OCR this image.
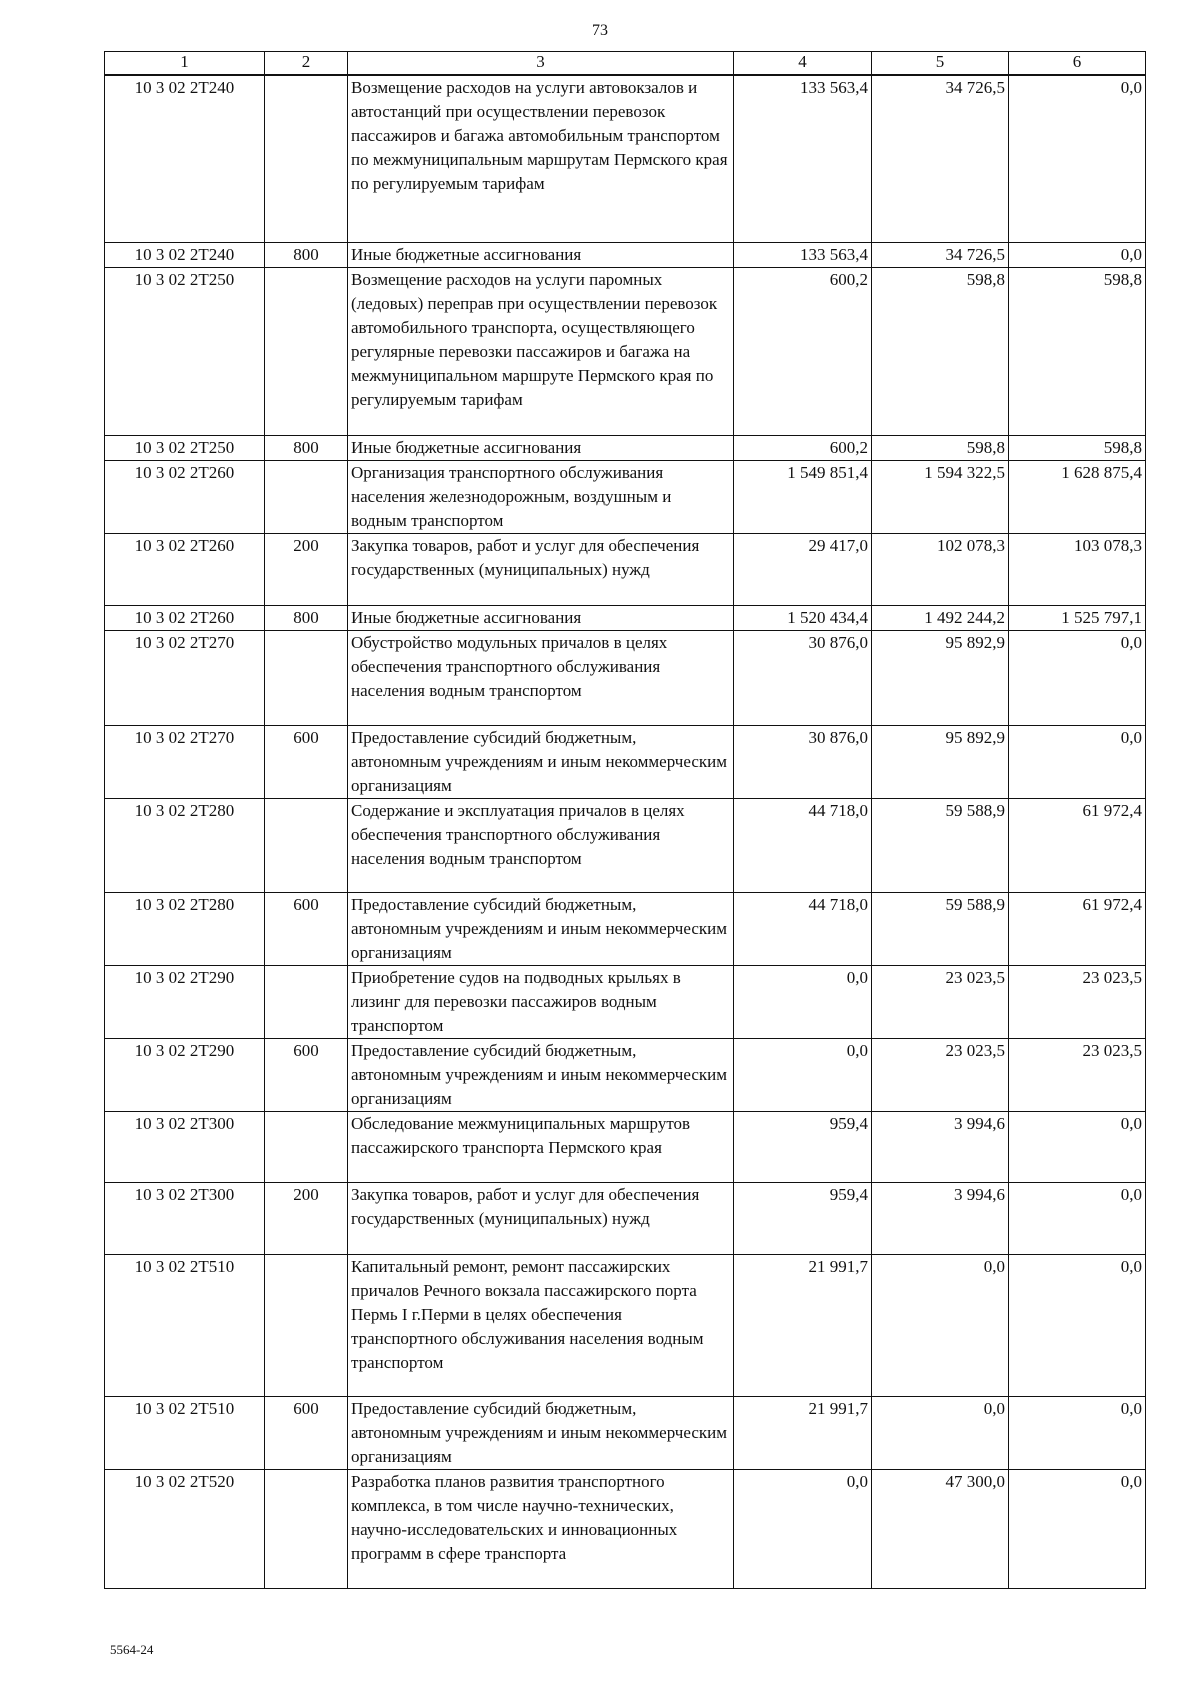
73
1	2	3	4	5	6
10 3 02 2Т240		Возмещение расходов на услуги автовокзалов и автостанций при осуществлении перевозок пассажиров и багажа автомобильным транспортом по межмуниципальным маршрутам Пермского края по регулируемым тарифам	133 563,4	34 726,5	0,0
10 3 02 2Т240	800	Иные бюджетные ассигнования	133 563,4	34 726,5	0,0
10 3 02 2Т250		Возмещение расходов на услуги паромных (ледовых) переправ при осуществлении перевозок автомобильного транспорта, осуществляющего регулярные перевозки пассажиров и багажа на межмуниципальном маршруте Пермского края по регулируемым тарифам	600,2	598,8	598,8
10 3 02 2Т250	800	Иные бюджетные ассигнования	600,2	598,8	598,8
10 3 02 2Т260		Организация транспортного обслуживания населения железнодорожным, воздушным и водным транспортом	1 549 851,4	1 594 322,5	1 628 875,4
10 3 02 2Т260	200	Закупка товаров, работ и услуг для обеспечения государственных (муниципальных) нужд	29 417,0	102 078,3	103 078,3
10 3 02 2Т260	800	Иные бюджетные ассигнования	1 520 434,4	1 492 244,2	1 525 797,1
10 3 02 2Т270		Обустройство модульных причалов в целях обеспечения транспортного обслуживания населения водным транспортом	30 876,0	95 892,9	0,0
10 3 02 2Т270	600	Предоставление субсидий бюджетным, автономным учреждениям и иным некоммерческим организациям	30 876,0	95 892,9	0,0
10 3 02 2Т280		Содержание и эксплуатация причалов в целях обеспечения транспортного обслуживания населения водным транспортом	44 718,0	59 588,9	61 972,4
10 3 02 2Т280	600	Предоставление субсидий бюджетным, автономным учреждениям и иным некоммерческим организациям	44 718,0	59 588,9	61 972,4
10 3 02 2Т290		Приобретение судов на подводных крыльях в лизинг для перевозки пассажиров водным транспортом	0,0	23 023,5	23 023,5
10 3 02 2Т290	600	Предоставление субсидий бюджетным, автономным учреждениям и иным некоммерческим организациям	0,0	23 023,5	23 023,5
10 3 02 2Т300		Обследование межмуниципальных маршрутов пассажирского транспорта Пермского края	959,4	3 994,6	0,0
10 3 02 2Т300	200	Закупка товаров, работ и услуг для обеспечения государственных (муниципальных) нужд	959,4	3 994,6	0,0
10 3 02 2Т510		Капитальный ремонт, ремонт пассажирских причалов Речного вокзала пассажирского порта Пермь I г.Перми в целях обеспечения транспортного обслуживания населения водным транспортом	21 991,7	0,0	0,0
10 3 02 2Т510	600	Предоставление субсидий бюджетным, автономным учреждениям и иным некоммерческим организациям	21 991,7	0,0	0,0
10 3 02 2Т520		Разработка планов развития транспортного комплекса, в том числе научно-технических, научно-исследовательских и инновационных программ в сфере транспорта	0,0	47 300,0	0,0
5564-24
